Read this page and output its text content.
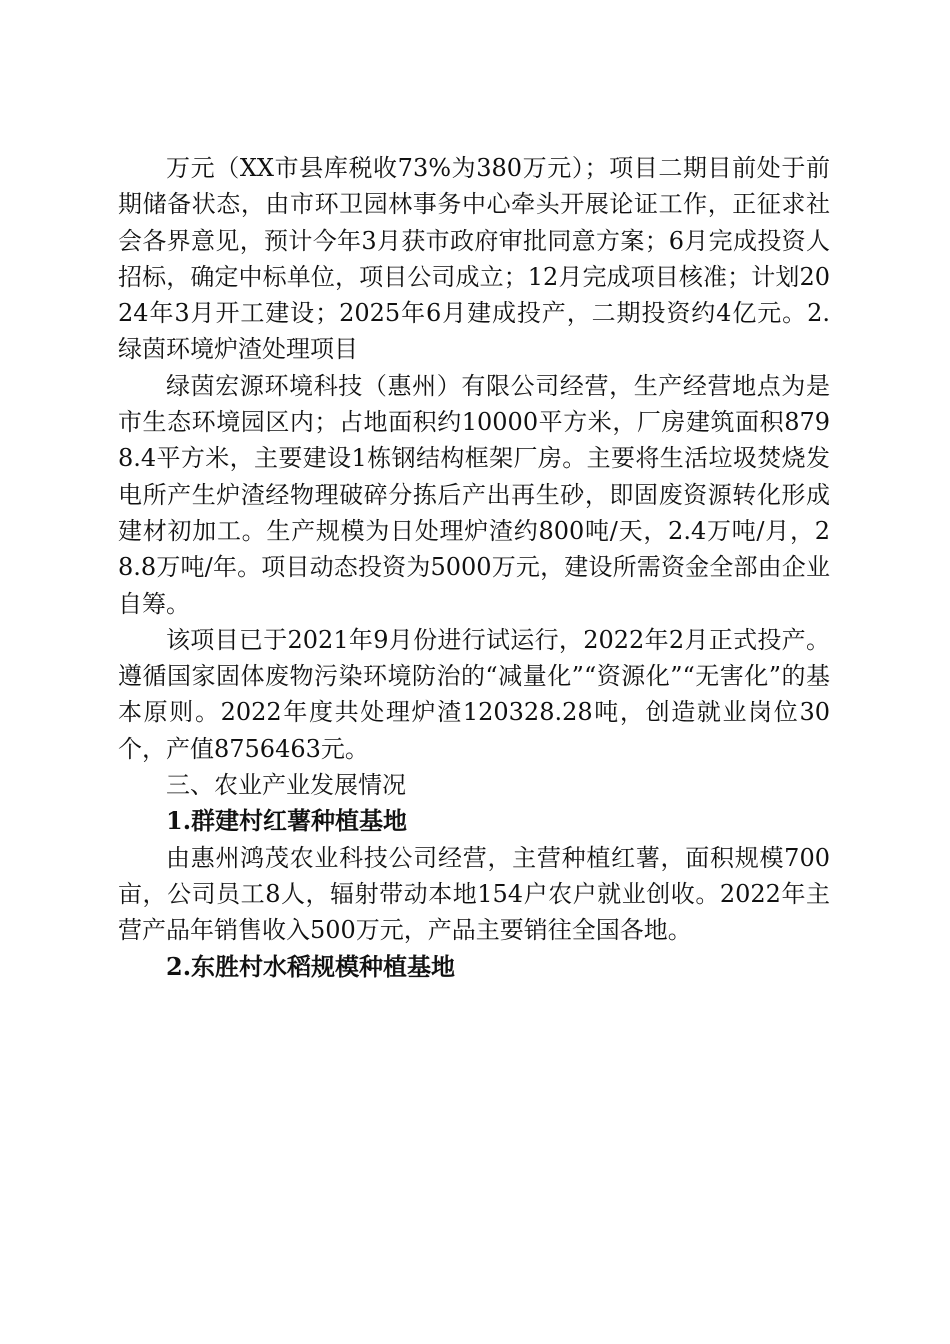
万元（XX市县库税收73%为380万元）；项目二期目前处于前期储备状态，由市环卫园林事务中心牵头开展论证工作，正征求社会各界意见，预计今年3月获市政府审批同意方案；6月完成投资人招标，确定中标单位，项目公司成立；12月完成项目核准；计划2024年3月开工建设；2025年6月建成投产，二期投资约4亿元。2.绿茵环境炉渣处理项目

绿茵宏源环境科技（惠州）有限公司经营，生产经营地点为是市生态环境园区内；占地面积约10000平方米，厂房建筑面积8798.4平方米，主要建设1栋钢结构框架厂房。主要将生活垃圾焚烧发电所产生炉渣经物理破碎分拣后产出再生砂，即固废资源转化形成建材初加工。生产规模为日处理炉渣约800吨/天，2.4万吨/月，28.8万吨/年。项目动态投资为5000万元，建设所需资金全部由企业自筹。

该项目已于2021年9月份进行试运行，2022年2月正式投产。遵循国家固体废物污染环境防治的“减量化”“资源化”“无害化”的基本原则。2022年度共处理炉渣120328.28吨，创造就业岗位30个，产值8756463元。

三、农业产业发展情况

1.群建村红薯种植基地

由惠州鸿茂农业科技公司经营，主营种植红薯，面积规模700亩，公司员工8人，辐射带动本地154户农户就业创收。2022年主营产品年销售收入500万元，产品主要销往全国各地。

2.东胜村水稻规模种植基地
